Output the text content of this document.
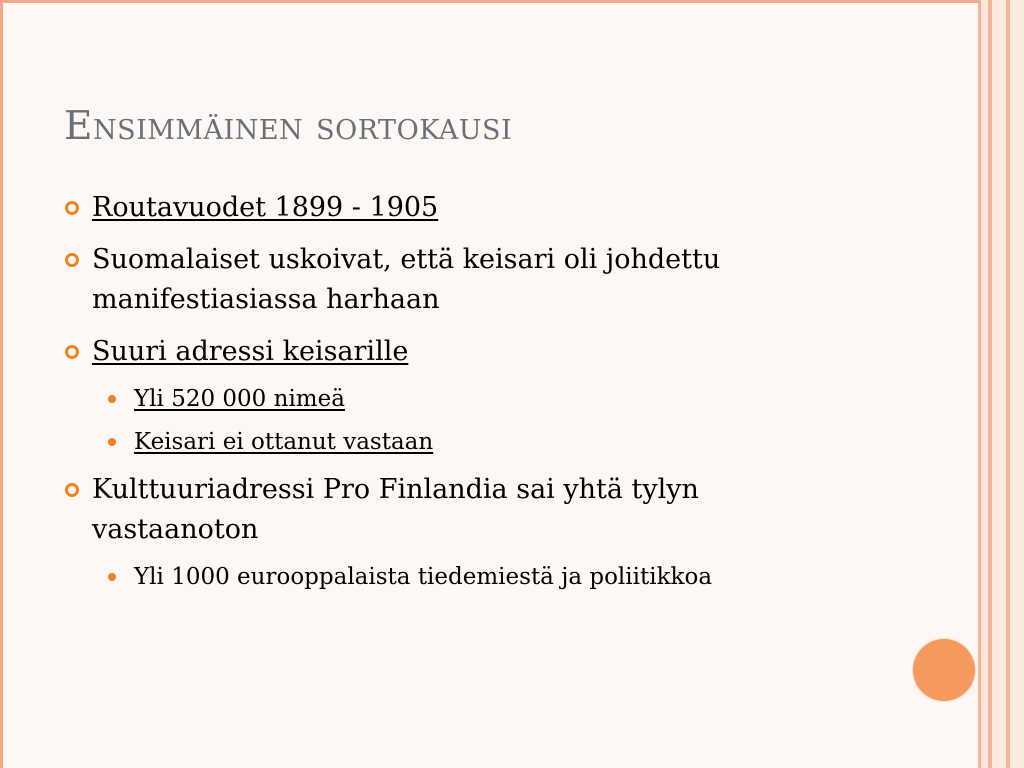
Ensimmäinen sortokausi
Routavuodet 1899 - 1905
Suomalaiset uskoivat, että keisari oli johdettu manifestiasiassa harhaan
Suuri adressi keisarille
Yli 520 000 nimeä
Keisari ei ottanut vastaan
Kulttuuriadressi Pro Finlandia sai yhtä tylyn vastaanoton
Yli 1000 eurooppalaista tiedemiestä ja poliitikkoa
